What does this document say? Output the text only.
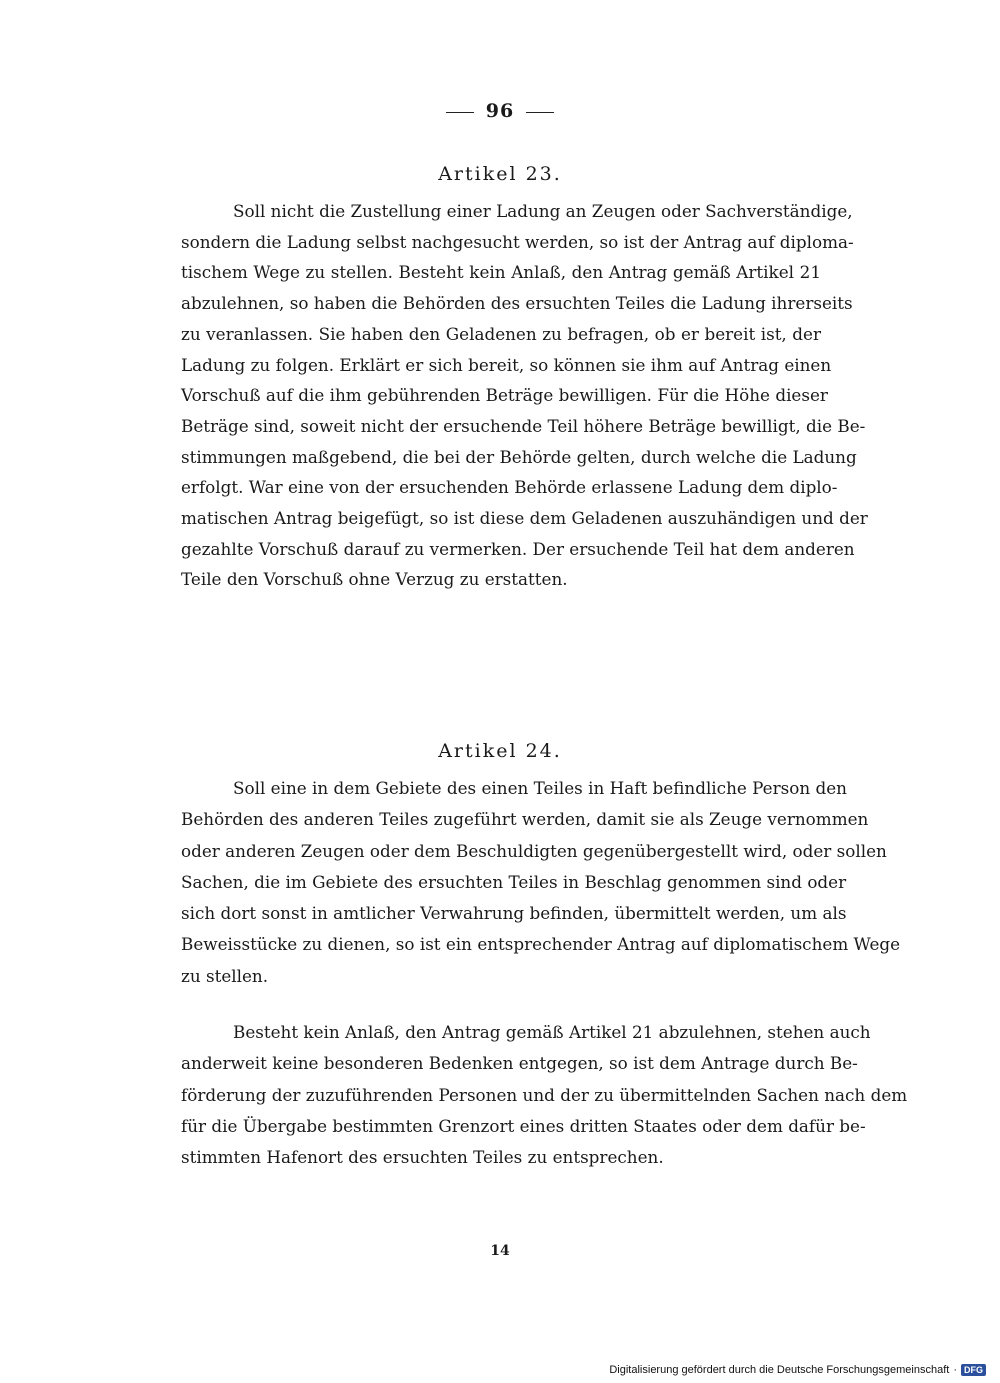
96
Artikel 23.
Soll nicht die Zustellung einer Ladung an Zeugen oder Sachverständige,
sondern die Ladung selbst nachgesucht werden, so ist der Antrag auf diploma-
tischem Wege zu stellen. Besteht kein Anlaß, den Antrag gemäß Artikel 21
abzulehnen, so haben die Behörden des ersuchten Teiles die Ladung ihrerseits
zu veranlassen. Sie haben den Geladenen zu befragen, ob er bereit ist, der
Ladung zu folgen. Erklärt er sich bereit, so können sie ihm auf Antrag einen
Vorschuß auf die ihm gebührenden Beträge bewilligen. Für die Höhe dieser
Beträge sind, soweit nicht der ersuchende Teil höhere Beträge bewilligt, die Be-
stimmungen maßgebend, die bei der Behörde gelten, durch welche die Ladung
erfolgt. War eine von der ersuchenden Behörde erlassene Ladung dem diplo-
matischen Antrag beigefügt, so ist diese dem Geladenen auszuhändigen und der
gezahlte Vorschuß darauf zu vermerken. Der ersuchende Teil hat dem anderen
Teile den Vorschuß ohne Verzug zu erstatten.
Artikel 24.
Soll eine in dem Gebiete des einen Teiles in Haft befindliche Person den
Behörden des anderen Teiles zugeführt werden, damit sie als Zeuge vernommen
oder anderen Zeugen oder dem Beschuldigten gegenübergestellt wird, oder sollen
Sachen, die im Gebiete des ersuchten Teiles in Beschlag genommen sind oder
sich dort sonst in amtlicher Verwahrung befinden, übermittelt werden, um als
Beweisstücke zu dienen, so ist ein entsprechender Antrag auf diplomatischem Wege
zu stellen.
Besteht kein Anlaß, den Antrag gemäß Artikel 21 abzulehnen, stehen auch
anderweit keine besonderen Bedenken entgegen, so ist dem Antrage durch Be-
förderung der zuzuführenden Personen und der zu übermittelnden Sachen nach dem
für die Übergabe bestimmten Grenzort eines dritten Staates oder dem dafür be-
stimmten Hafenort des ersuchten Teiles zu entsprechen.
14
Digitalisierung gefördert durch die Deutsche Forschungsgemeinschaft · DFG
